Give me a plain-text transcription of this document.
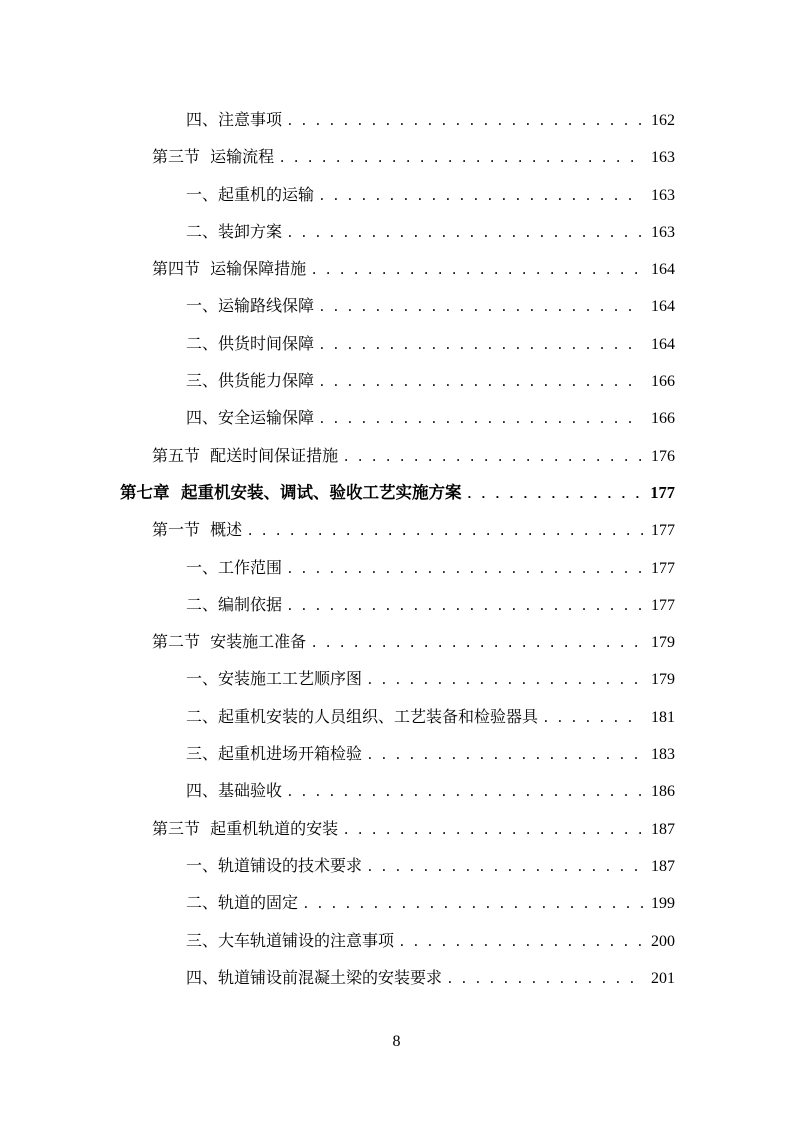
四、注意事项 . . .	162
第三节  运输流程 . . .	163
一、起重机的运输 . . .	163
二、装卸方案 . . .	163
第四节  运输保障措施 . . .	164
一、运输路线保障 . . .	164
二、供货时间保障 . . .	164
三、供货能力保障 . . .	166
四、安全运输保障 . . .	166
第五节  配送时间保证措施 . . .	176
第七章  起重机安装、调试、验收工艺实施方案 . . .	177
第一节  概述 . . .	177
一、工作范围 . . .	177
二、编制依据 . . .	177
第二节  安装施工准备 . . .	179
一、安装施工工艺顺序图 . . .	179
二、起重机安装的人员组织、工艺装备和检验器具 . . .	181
三、起重机进场开箱检验 . . .	183
四、基础验收 . . .	186
第三节  起重机轨道的安装 . . .	187
一、轨道铺设的技术要求 . . .	187
二、轨道的固定 . . .	199
三、大车轨道铺设的注意事项 . . .	200
四、轨道铺设前混凝土梁的安装要求 . . .	201
8
